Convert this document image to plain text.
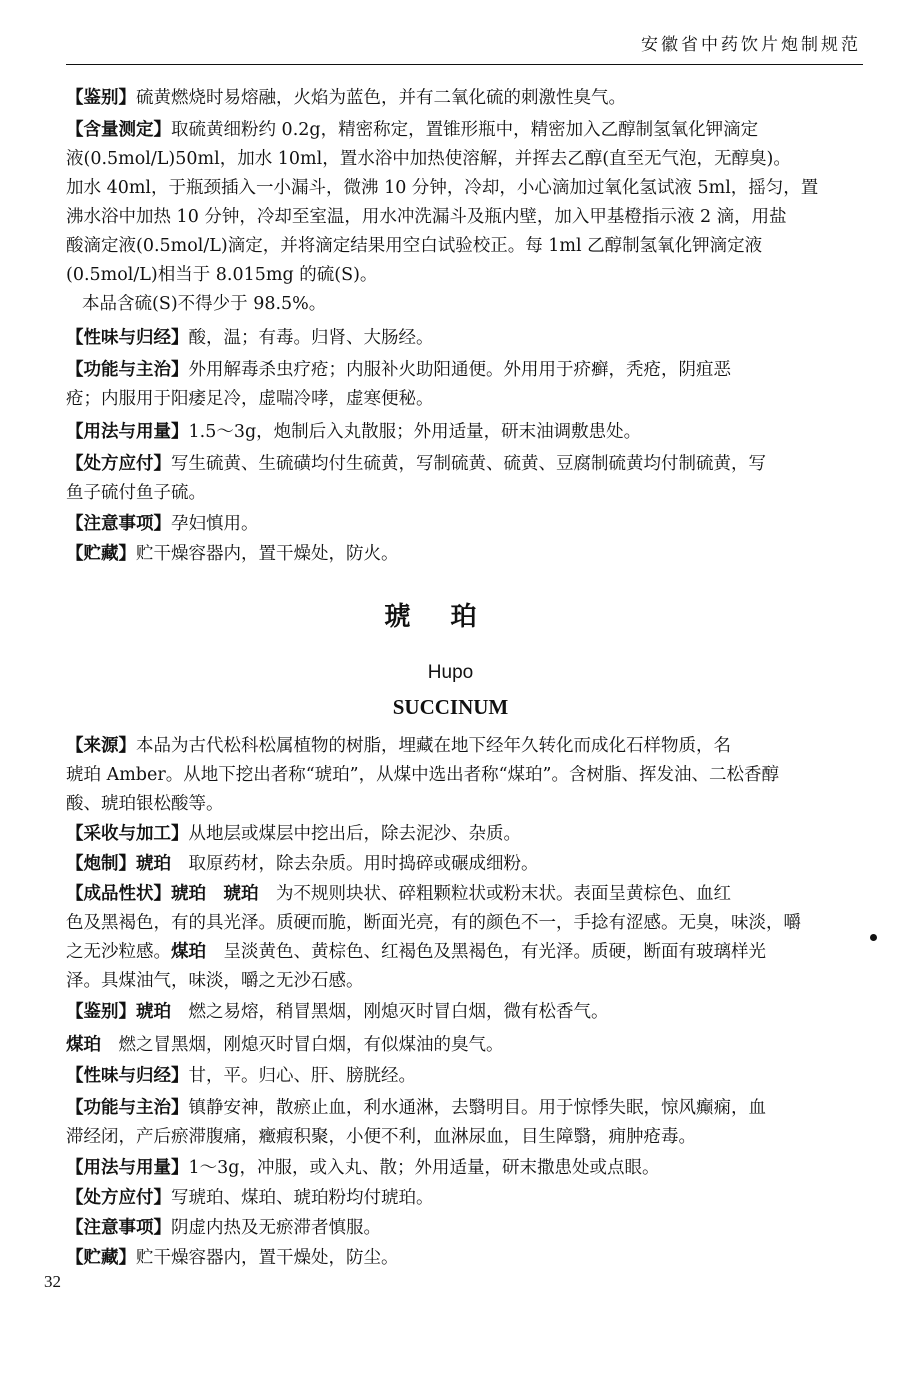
安徽省中药饮片炮制规范
【鉴别】硫黄燃烧时易熔融，火焰为蓝色，并有二氧化硫的刺激性臭气。
【含量测定】取硫黄细粉约 0.2g，精密称定，置锥形瓶中，精密加入乙醇制氢氧化钾滴定
液(0.5mol/L)50ml，加水 10ml，置水浴中加热使溶解，并挥去乙醇(直至无气泡，无醇臭)。
加水 40ml，于瓶颈插入一小漏斗，微沸 10 分钟，冷却，小心滴加过氧化氢试液 5ml，摇匀，置
沸水浴中加热 10 分钟，冷却至室温，用水冲洗漏斗及瓶内壁，加入甲基橙指示液 2 滴，用盐
酸滴定液(0.5mol/L)滴定，并将滴定结果用空白试验校正。每 1ml 乙醇制氢氧化钾滴定液
(0.5mol/L)相当于 8.015mg 的硫(S)。
本品含硫(S)不得少于 98.5%。
【性味与归经】酸，温；有毒。归肾、大肠经。
【功能与主治】外用解毒杀虫疗疮；内服补火助阳通便。外用用于疥癣，秃疮，阴疽恶
疮；内服用于阳痿足冷，虚喘冷哮，虚寒便秘。
【用法与用量】1.5～3g，炮制后入丸散服；外用适量，研末油调敷患处。
【处方应付】写生硫黄、生硫磺均付生硫黄，写制硫黄、硫黄、豆腐制硫黄均付制硫黄，写
鱼子硫付鱼子硫。
【注意事项】孕妇慎用。
【贮藏】贮干燥容器内，置干燥处，防火。
琥珀
Hupo
SUCCINUM
【来源】本品为古代松科松属植物的树脂，埋藏在地下经年久转化而成化石样物质，名
琥珀 Amber。从地下挖出者称“琥珀”，从煤中选出者称“煤珀”。含树脂、挥发油、二松香醇
酸、琥珀银松酸等。
【采收与加工】从地层或煤层中挖出后，除去泥沙、杂质。
【炮制】琥珀　取原药材，除去杂质。用时捣碎或碾成细粉。
【成品性状】琥珀　 琥珀　为不规则块状、碎粗颗粒状或粉末状。表面呈黄棕色、血红
色及黑褐色，有的具光泽。质硬而脆，断面光亮，有的颜色不一，手捻有涩感。无臭，味淡，嚼
之无沙粒感。煤珀　呈淡黄色、黄棕色、红褐色及黑褐色，有光泽。质硬，断面有玻璃样光
泽。具煤油气，味淡，嚼之无沙石感。
【鉴别】琥珀　燃之易熔，稍冒黑烟，刚熄灭时冒白烟，微有松香气。
煤珀　燃之冒黑烟，刚熄灭时冒白烟，有似煤油的臭气。
【性味与归经】甘，平。归心、肝、膀胱经。
【功能与主治】镇静安神，散瘀止血，利水通淋，去翳明目。用于惊悸失眠，惊风癫痫，血
滞经闭，产后瘀滞腹痛，癥瘕积聚，小便不利，血淋尿血，目生障翳，痈肿疮毒。
【用法与用量】1～3g，冲服，或入丸、散；外用适量，研末撒患处或点眼。
【处方应付】写琥珀、煤珀、琥珀粉均付琥珀。
【注意事项】阴虚内热及无瘀滞者慎服。
【贮藏】贮干燥容器内，置干燥处，防尘。
32
